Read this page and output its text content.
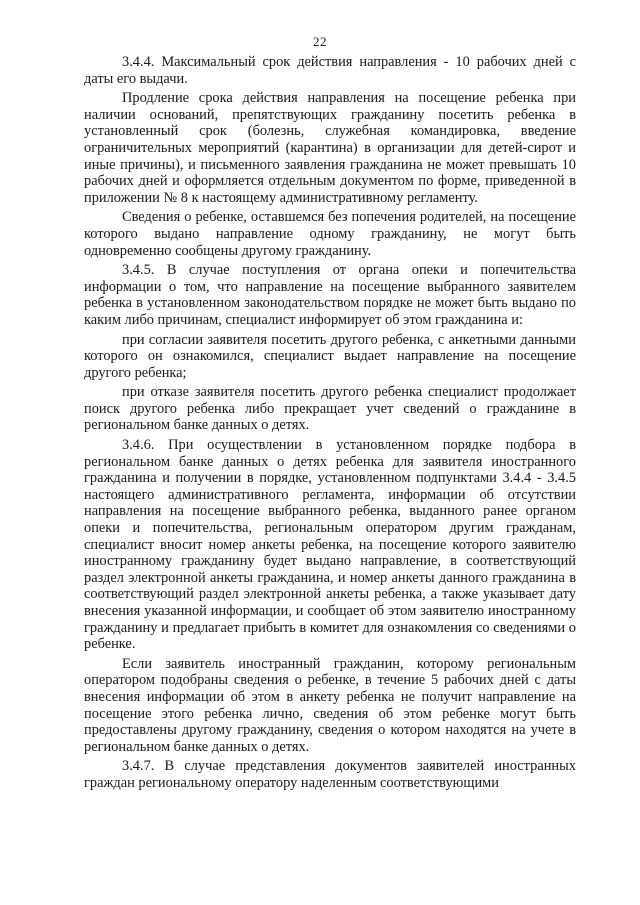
22

3.4.4. Максимальный срок действия направления - 10 рабочих дней с даты его выдачи.

Продление срока действия направления на посещение ребенка при наличии оснований, препятствующих гражданину посетить ребенка в установленный срок (болезнь, служебная командировка, введение ограничительных мероприятий (карантина) в организации для детей-сирот и иные причины), и письменного заявления гражданина не может превышать 10 рабочих дней и оформляется отдельным документом по форме, приведенной в приложении № 8 к настоящему административному регламенту.

Сведения о ребенке, оставшемся без попечения родителей, на посещение которого выдано направление одному гражданину, не могут быть одновременно сообщены другому гражданину.

3.4.5. В случае поступления от органа опеки и попечительства информации о том, что направление на посещение выбранного заявителем ребенка в установленном законодательством порядке не может быть выдано по каким либо причинам, специалист информирует об этом гражданина и:

при согласии заявителя посетить другого ребенка, с анкетными данными которого он ознакомился, специалист выдает направление на посещение другого ребенка;

при отказе заявителя посетить другого ребенка специалист продолжает поиск другого ребенка либо прекращает учет сведений о гражданине в региональном банке данных о детях.

3.4.6. При осуществлении в установленном порядке подбора в региональном банке данных о детях ребенка для заявителя иностранного гражданина и получении в порядке, установленном подпунктами 3.4.4 - 3.4.5 настоящего административного регламента, информации об отсутствии направления на посещение выбранного ребенка, выданного ранее органом опеки и попечительства, региональным оператором другим гражданам, специалист вносит номер анкеты ребенка, на посещение которого заявителю иностранному гражданину будет выдано направление, в соответствующий раздел электронной анкеты гражданина, и номер анкеты данного гражданина в соответствующий раздел электронной анкеты ребенка, а также указывает дату внесения указанной информации, и сообщает об этом заявителю иностранному гражданину и предлагает прибыть в комитет для ознакомления со сведениями о ребенке.

Если заявитель иностранный гражданин, которому региональным оператором подобраны сведения о ребенке, в течение 5 рабочих дней с даты внесения информации об этом в анкету ребенка не получит направление на посещение этого ребенка лично, сведения об этом ребенке могут быть предоставлены другому гражданину, сведения о котором находятся на учете в региональном банке данных о детях.

3.4.7. В случае представления документов заявителей иностранных граждан региональному оператору наделенным соответствующими
